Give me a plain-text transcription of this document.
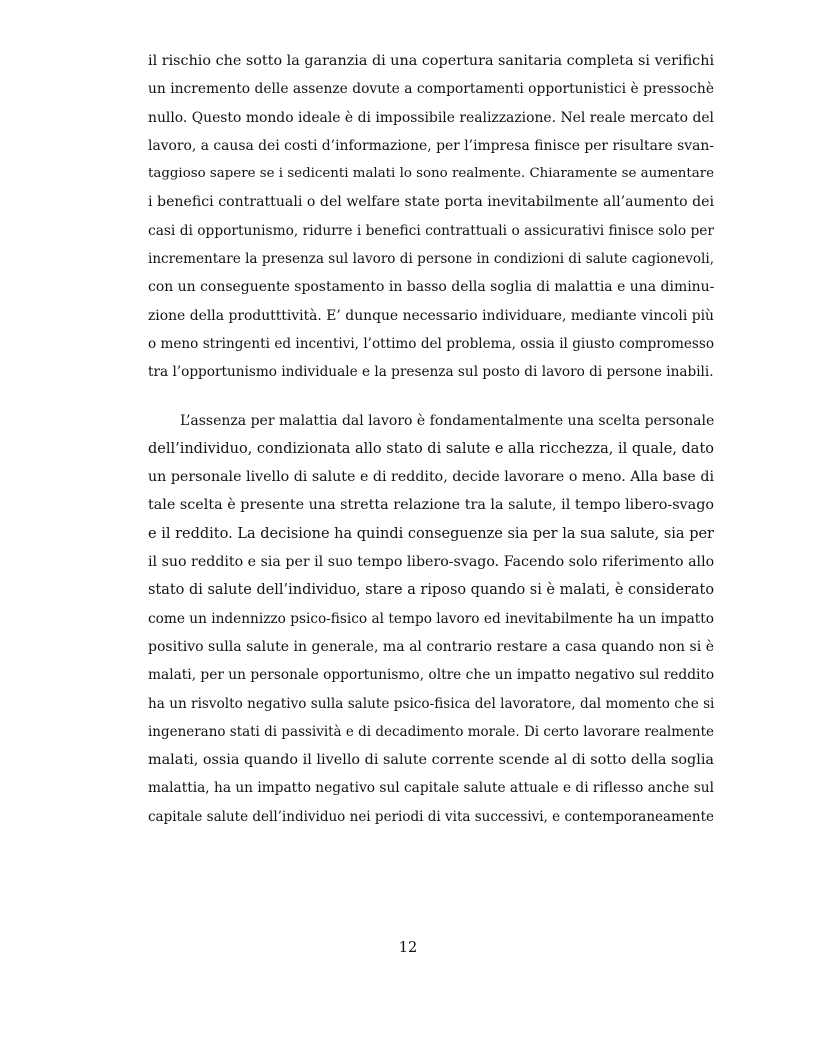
il rischio che sotto la garanzia di una copertura sanitaria completa si verifichi
un incremento delle assenze dovute a comportamenti opportunistici è pressochè
nullo. Questo mondo ideale è di impossibile realizzazione. Nel reale mercato del
lavoro, a causa dei costi d’informazione, per l’impresa finisce per risultare svan-
taggioso sapere se i sedicenti malati lo sono realmente. Chiaramente se aumentare
i benefici contrattuali o del welfare state porta inevitabilmente all’aumento dei
casi di opportunismo, ridurre i benefici contrattuali o assicurativi finisce solo per
incrementare la presenza sul lavoro di persone in condizioni di salute cagionevoli,
con un conseguente spostamento in basso della soglia di malattia e una diminu-
zione della produtttività. E’ dunque necessario individuare, mediante vincoli più
o meno stringenti ed incentivi, l’ottimo del problema, ossia il giusto compromesso
tra l’opportunismo individuale e la presenza sul posto di lavoro di persone inabili.
L’assenza per malattia dal lavoro è fondamentalmente una scelta personale
dell’individuo, condizionata allo stato di salute e alla ricchezza, il quale, dato
un personale livello di salute e di reddito, decide lavorare o meno. Alla base di
tale scelta è presente una stretta relazione tra la salute, il tempo libero-svago
e il reddito. La decisione ha quindi conseguenze sia per la sua salute, sia per
il suo reddito e sia per il suo tempo libero-svago. Facendo solo riferimento allo
stato di salute dell’individuo, stare a riposo quando si è malati, è considerato
come un indennizzo psico-fisico al tempo lavoro ed inevitabilmente ha un impatto
positivo sulla salute in generale, ma al contrario restare a casa quando non si è
malati, per un personale opportunismo, oltre che un impatto negativo sul reddito
ha un risvolto negativo sulla salute psico-fisica del lavoratore, dal momento che si
ingenerano stati di passività e di decadimento morale. Di certo lavorare realmente
malati, ossia quando il livello di salute corrente scende al di sotto della soglia
malattia, ha un impatto negativo sul capitale salute attuale e di riflesso anche sul
capitale salute dell’individuo nei periodi di vita successivi, e contemporaneamente
12
